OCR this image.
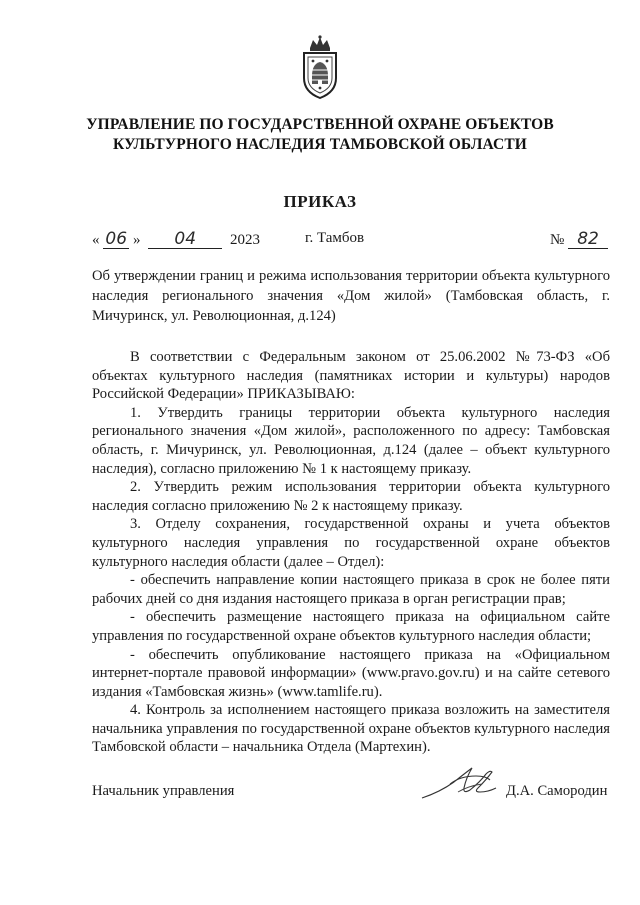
УПРАВЛЕНИЕ ПО ГОСУДАРСТВЕННОЙ ОХРАНЕ ОБЪЕКТОВ
КУЛЬТУРНОГО НАСЛЕДИЯ ТАМБОВСКОЙ ОБЛАСТИ
ПРИКАЗ
« 06 » 04 2023	г. Тамбов	№ 82
Об утверждении границ и режима использования территории объекта культурного наследия регионального значения «Дом жилой» (Тамбовская область, г. Мичуринск, ул. Революционная, д.124)

В соответствии с Федеральным законом от 25.06.2002 №73-ФЗ «Об объектах культурного наследия (памятниках истории и культуры) народов Российской Федерации» ПРИКАЗЫВАЮ:

1. Утвердить границы территории объекта культурного наследия регионального значения «Дом жилой», расположенного по адресу: Тамбовская область, г. Мичуринск, ул. Революционная, д.124 (далее – объект культурного наследия), согласно приложению № 1 к настоящему приказу.

2. Утвердить режим использования территории объекта культурного наследия согласно приложению № 2 к настоящему приказу.

3. Отделу сохранения, государственной охраны и учета объектов культурного наследия управления по государственной охране объектов культурного наследия области (далее – Отдел):

- обеспечить направление копии настоящего приказа в срок не более пяти рабочих дней со дня издания настоящего приказа в орган регистрации прав;

- обеспечить размещение настоящего приказа на официальном сайте управления по государственной охране объектов культурного наследия области;

- обеспечить опубликование настоящего приказа на «Официальном интернет-портале правовой информации» (www.pravo.gov.ru) и на сайте сетевого издания «Тамбовская жизнь» (www.tamlife.ru).

4. Контроль за исполнением настоящего приказа возложить на заместителя начальника управления по государственной охране объектов культурного наследия Тамбовской области – начальника Отдела (Мартехин).

Начальник управления	Д.А. Самородин
